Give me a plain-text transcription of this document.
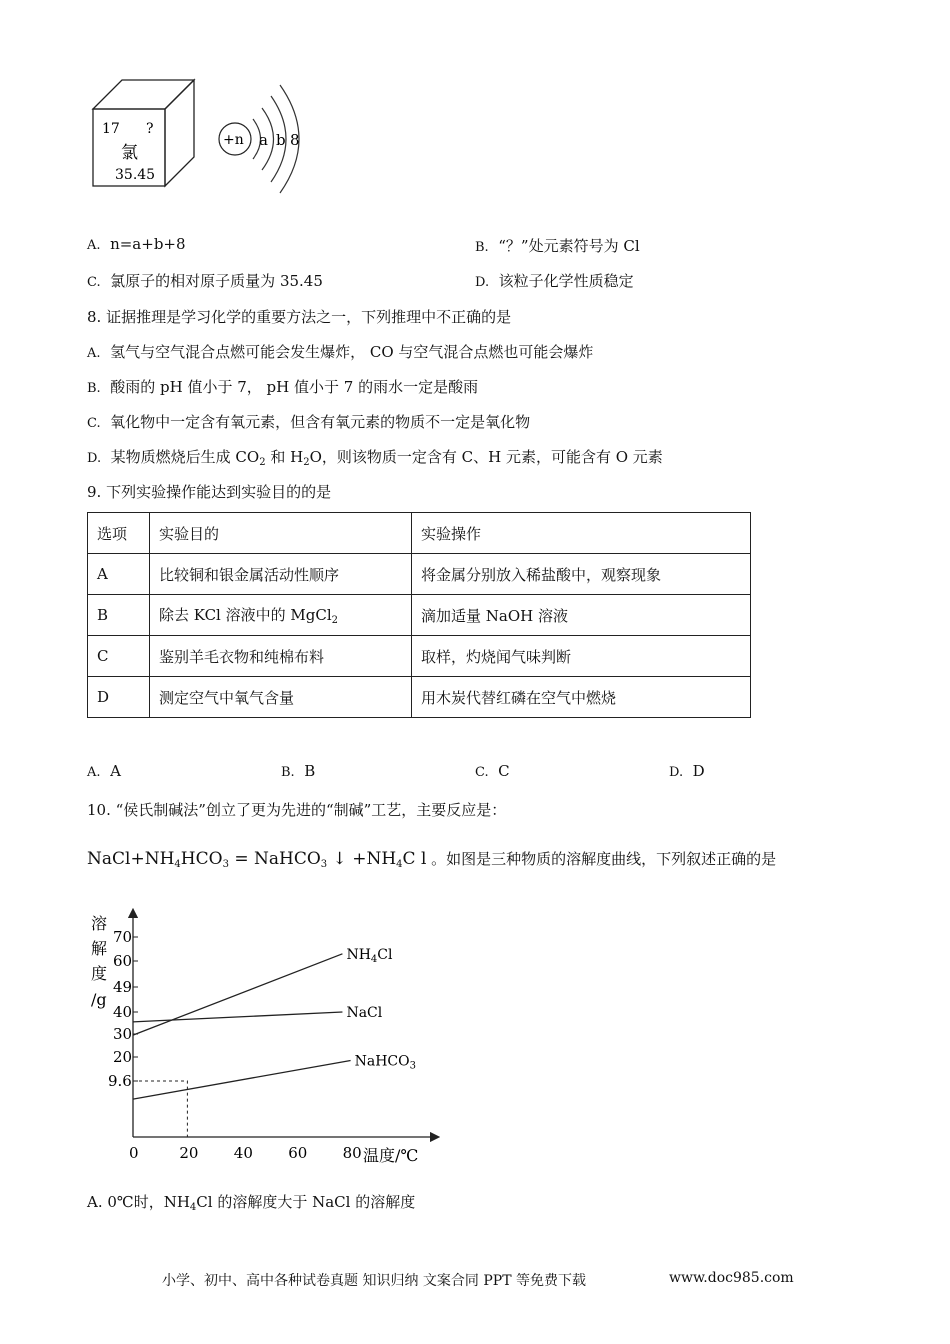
17 ?
氯
35.45
+n a b 8
A. n=a+b+8	B. “？”处元素符号为 Cl
C. 氯原子的相对原子质量为 35.45	D. 该粒子化学性质稳定
8. 证据推理是学习化学的重要方法之一，下列推理中不正确的是
A. 氢气与空气混合点燃可能会发生爆炸， CO 与空气混合点燃也可能会爆炸
B. 酸雨的 pH 值小于 7， pH 值小于 7 的雨水一定是酸雨
C. 氧化物中一定含有氧元素，但含有氧元素的物质不一定是氧化物
D. 某物质燃烧后生成 $CO_2$ 和 $H_2O$，则该物质一定含有 C、H 元素，可能含有 O 元素
9. 下列实验操作能达到实验目的的是
选项	实验目的	实验操作
A	比较铜和银金属活动性顺序	将金属分别放入稀盐酸中，观察现象
B	除去 KCl 溶液中的 MgCl$_2$	滴加适量 NaOH 溶液
C	鉴别羊毛衣物和纯棉布料	取样，灼烧闻气味判断
D	测定空气中氧气含量	用木炭代替红磷在空气中燃烧
A. A	B. B	C. C	D. D
10. “侯氏制碱法”创立了更为先进的“制碱”工艺，主要反应是：
$NaCl+NH_4HCO_3$ = NaHCO$_3$ ↓ $+NH_4C$ l 。如图是三种物质的溶解度曲线，下列叙述正确的是
溶
解
度
/g
温度/℃
0	20 40 60 80
9.6
20
30
40
49
60
70
$NH_4Cl$
NaCl
NaHCO$_3$
A. 0℃时，$NH_4Cl$ 的溶解度大于 NaCl 的溶解度
小学、初中、高中各种试卷真题 知识归纳 文案合同 PPT 等免费下载	www.doc985.com
